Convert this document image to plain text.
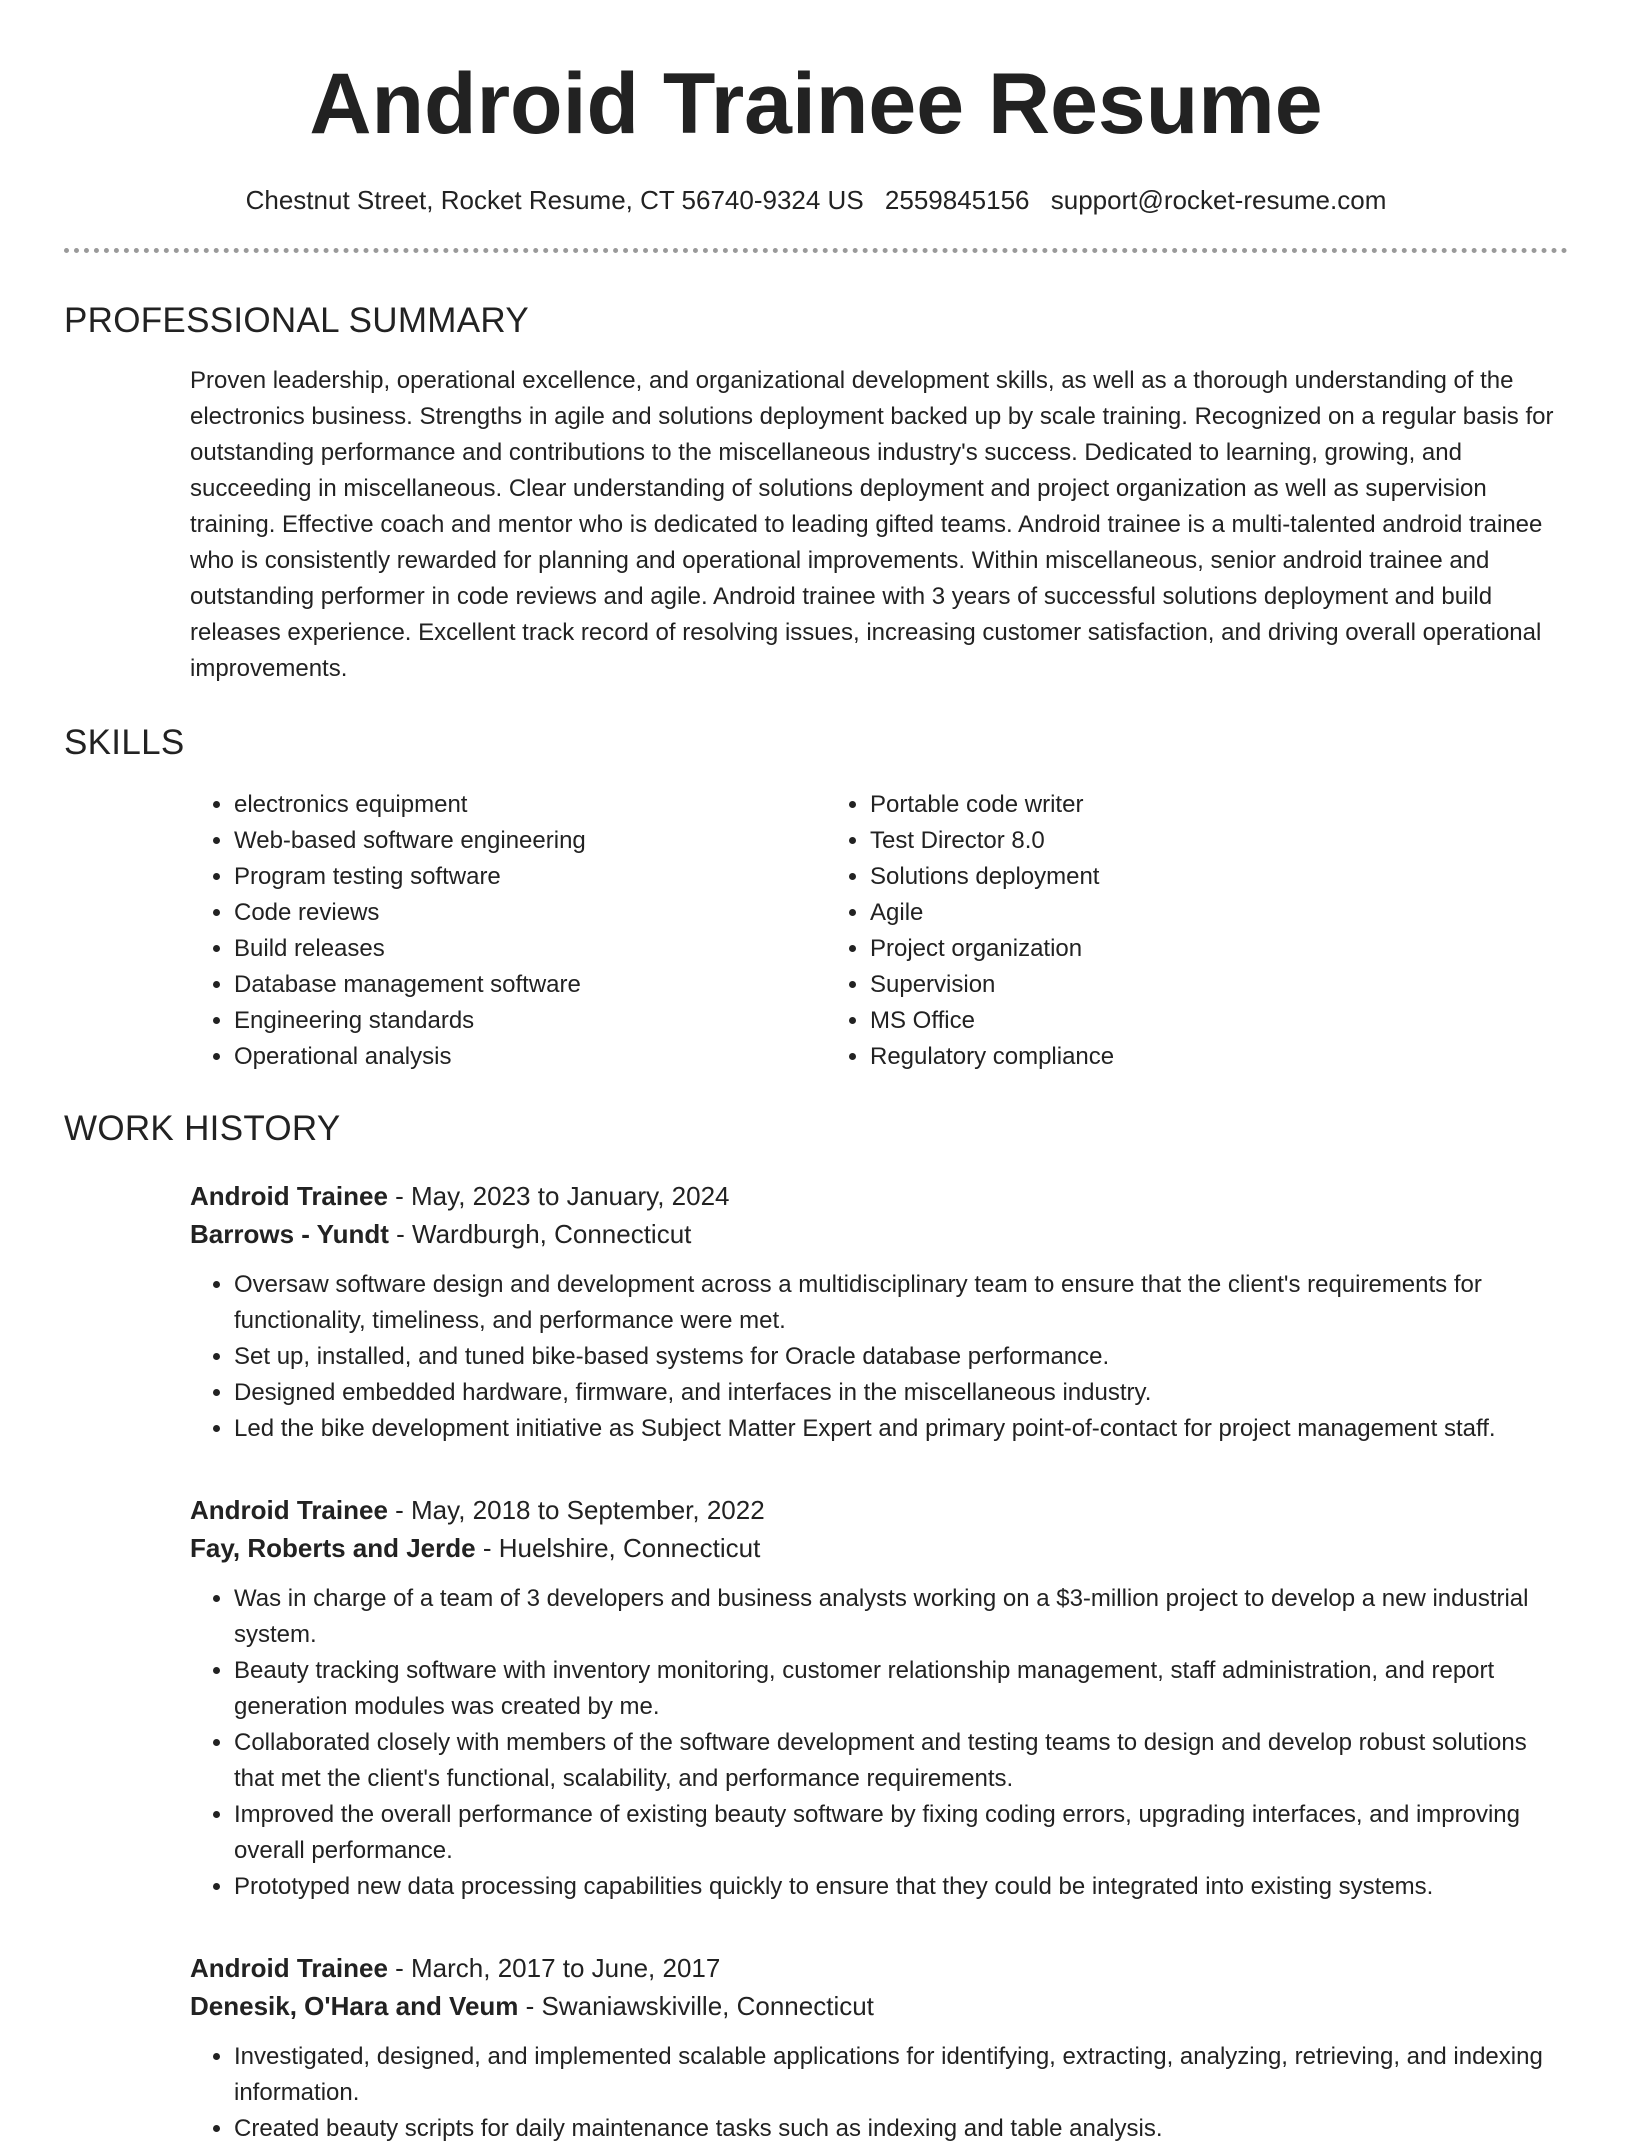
Android Trainee Resume
Chestnut Street, Rocket Resume, CT 56740-9324 US 2559845156 support@rocket-resume.com
PROFESSIONAL SUMMARY

Proven leadership, operational excellence, and organizational development skills, as well as a thorough understanding of the electronics business. Strengths in agile and solutions deployment backed up by scale training. Recognized on a regular basis for outstanding performance and contributions to the miscellaneous industry's success. Dedicated to learning, growing, and succeeding in miscellaneous. Clear understanding of solutions deployment and project organization as well as supervision training. Effective coach and mentor who is dedicated to leading gifted teams. Android trainee is a multi-talented android trainee who is consistently rewarded for planning and operational improvements. Within miscellaneous, senior android trainee and outstanding performer in code reviews and agile. Android trainee with 3 years of successful solutions deployment and build releases experience. Excellent track record of resolving issues, increasing customer satisfaction, and driving overall operational improvements.

SKILLS
• electronics equipment
• Web-based software engineering
• Program testing software
• Code reviews
• Build releases
• Database management software
• Engineering standards
• Operational analysis
• Portable code writer
• Test Director 8.0
• Solutions deployment
• Agile
• Project organization
• Supervision
• MS Office
• Regulatory compliance
WORK HISTORY
Android Trainee - May, 2023 to January, 2024
Barrows - Yundt - Wardburgh, Connecticut
• Oversaw software design and development across a multidisciplinary team to ensure that the client's requirements for functionality, timeliness, and performance were met.
• Set up, installed, and tuned bike-based systems for Oracle database performance.
• Designed embedded hardware, firmware, and interfaces in the miscellaneous industry.
• Led the bike development initiative as Subject Matter Expert and primary point-of-contact for project management staff.
Android Trainee - May, 2018 to September, 2022
Fay, Roberts and Jerde - Huelshire, Connecticut
• Was in charge of a team of 3 developers and business analysts working on a $3-million project to develop a new industrial system.
• Beauty tracking software with inventory monitoring, customer relationship management, staff administration, and report generation modules was created by me.
• Collaborated closely with members of the software development and testing teams to design and develop robust solutions that met the client's functional, scalability, and performance requirements.
• Improved the overall performance of existing beauty software by fixing coding errors, upgrading interfaces, and improving overall performance.
• Prototyped new data processing capabilities quickly to ensure that they could be integrated into existing systems.
Android Trainee - March, 2017 to June, 2017
Denesik, O'Hara and Veum - Swaniawskiville, Connecticut
• Investigated, designed, and implemented scalable applications for identifying, extracting, analyzing, retrieving, and indexing information.
• Created beauty scripts for daily maintenance tasks such as indexing and table analysis.
